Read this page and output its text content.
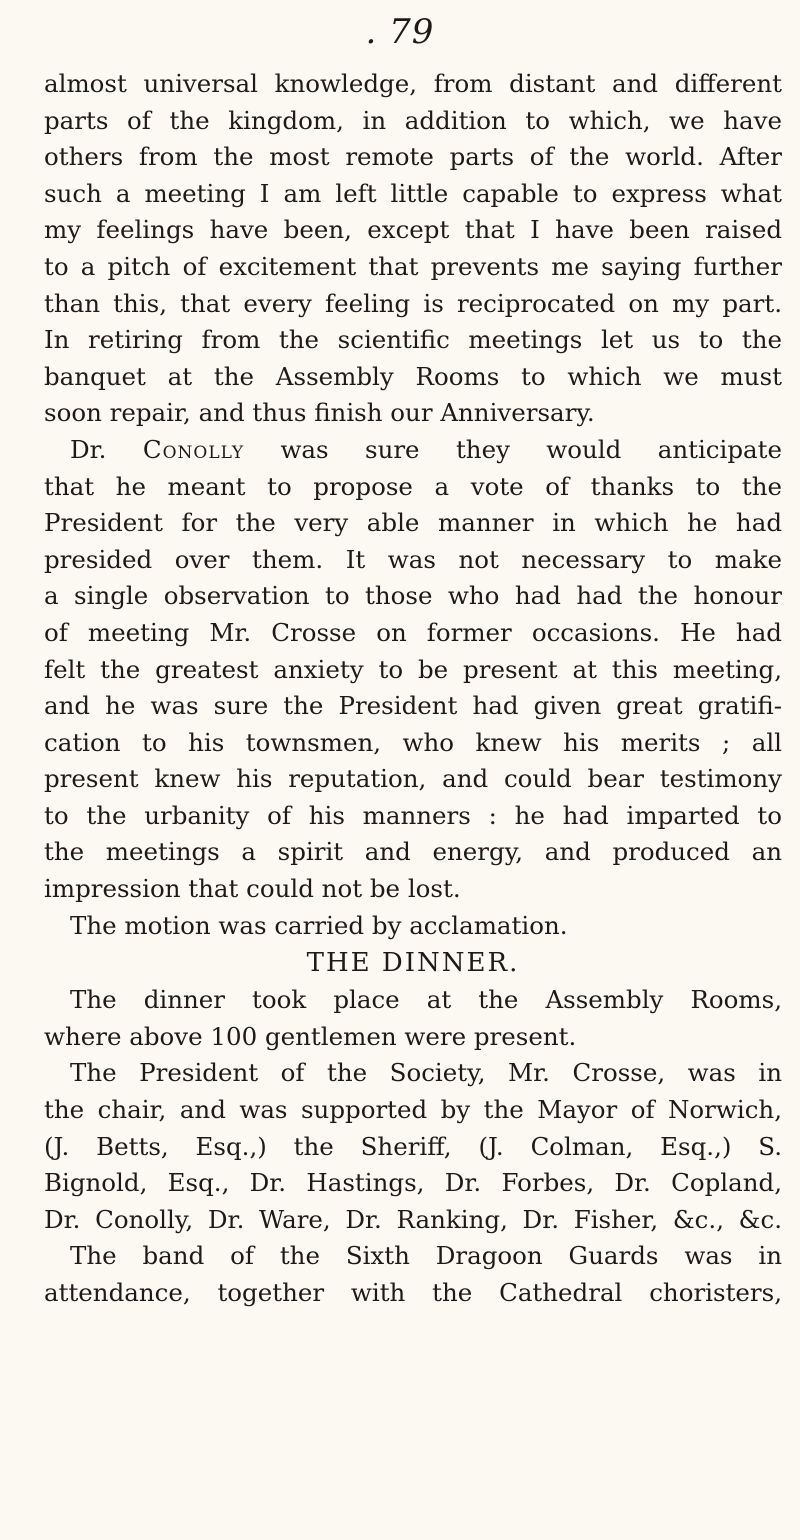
. 79
almost universal knowledge, from distant and different
parts of the kingdom, in addition to which, we have
others from the most remote parts of the world. After
such a meeting I am left little capable to express what
my feelings have been, except that I have been raised
to a pitch of excitement that prevents me saying further
than this, that every feeling is reciprocated on my part.
In retiring from the scientific meetings let us to the
banquet at the Assembly Rooms to which we must
soon repair, and thus finish our Anniversary.
Dr. Conolly was sure they would anticipate
that he meant to propose a vote of thanks to the
President for the very able manner in which he had
presided over them. It was not necessary to make
a single observation to those who had had the honour
of meeting Mr. Crosse on former occasions. He had
felt the greatest anxiety to be present at this meeting,
and he was sure the President had given great gratifi-
cation to his townsmen, who knew his merits ; all
present knew his reputation, and could bear testimony
to the urbanity of his manners : he had imparted to
the meetings a spirit and energy, and produced an
impression that could not be lost.
The motion was carried by acclamation.
THE DINNER.
The dinner took place at the Assembly Rooms,
where above 100 gentlemen were present.
The President of the Society, Mr. Crosse, was in
the chair, and was supported by the Mayor of Norwich,
(J. Betts, Esq.,) the Sheriff, (J. Colman, Esq.,) S.
Bignold, Esq., Dr. Hastings, Dr. Forbes, Dr. Copland,
Dr. Conolly, Dr. Ware, Dr. Ranking, Dr. Fisher, &c., &c.
The band of the Sixth Dragoon Guards was in
attendance, together with the Cathedral choristers,
